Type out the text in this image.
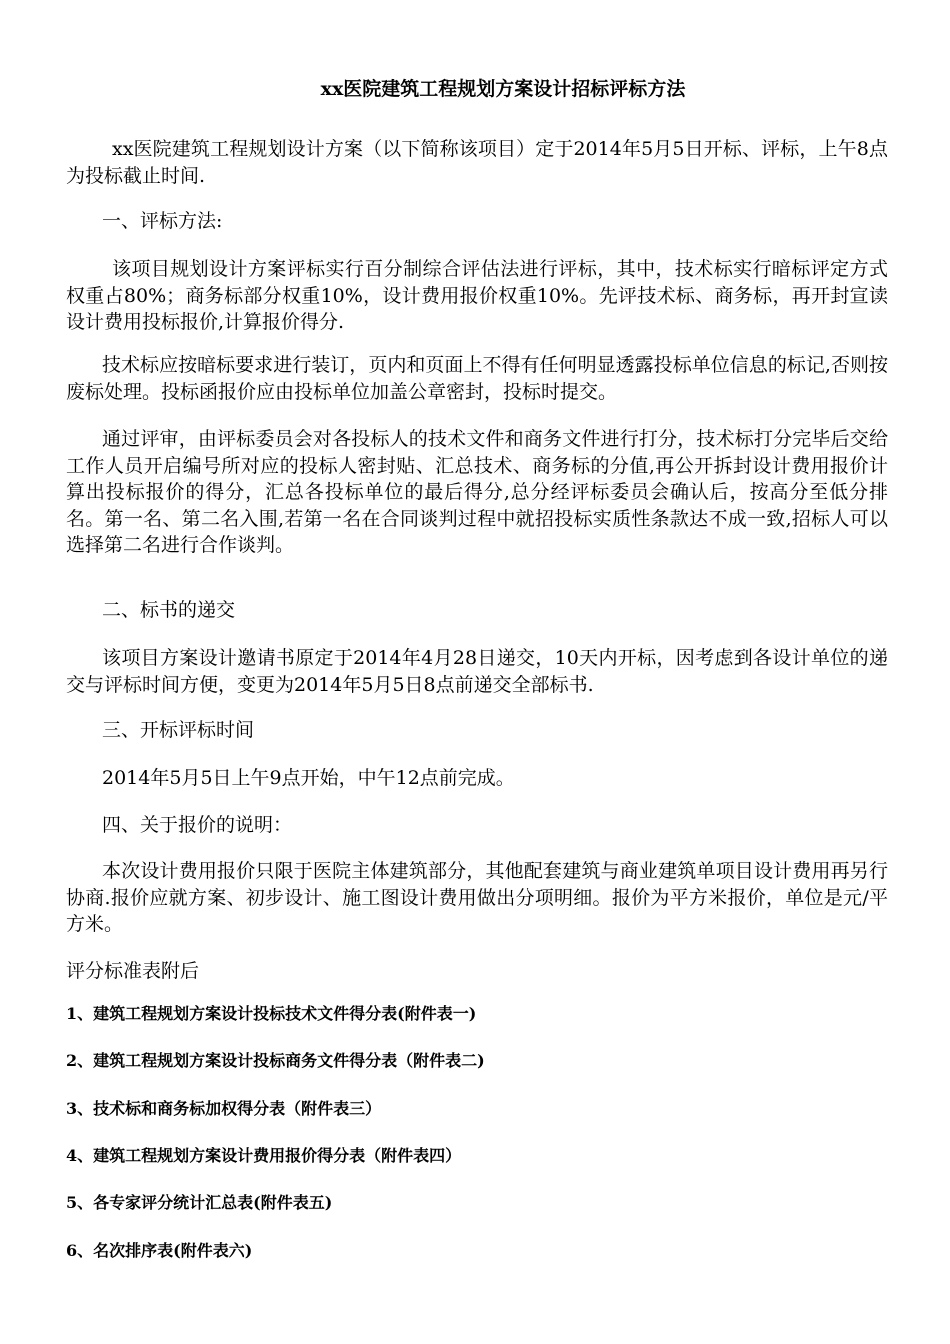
xx医院建筑工程规划方案设计招标评标方法
xx医院建筑工程规划设计方案（以下简称该项目）定于2014年5月5日开标、评标，上午8点为投标截止时间.
一、评标方法:
该项目规划设计方案评标实行百分制综合评估法进行评标，其中，技术标实行暗标评定方式权重占80%；商务标部分权重10%，设计费用报价权重10%。先评技术标、商务标，再开封宣读设计费用投标报价,计算报价得分.
技术标应按暗标要求进行装订，页内和页面上不得有任何明显透露投标单位信息的标记,否则按废标处理。投标函报价应由投标单位加盖公章密封，投标时提交。
通过评审，由评标委员会对各投标人的技术文件和商务文件进行打分，技术标打分完毕后交给工作人员开启编号所对应的投标人密封贴、汇总技术、商务标的分值,再公开拆封设计费用报价计算出投标报价的得分，汇总各投标单位的最后得分,总分经评标委员会确认后，按高分至低分排名。第一名、第二名入围,若第一名在合同谈判过程中就招投标实质性条款达不成一致,招标人可以选择第二名进行合作谈判。
二、标书的递交
该项目方案设计邀请书原定于2014年4月28日递交，10天内开标，因考虑到各设计单位的递交与评标时间方便，变更为2014年5月5日8点前递交全部标书.
三、开标评标时间
2014年5月5日上午9点开始，中午12点前完成。
四、关于报价的说明：
本次设计费用报价只限于医院主体建筑部分，其他配套建筑与商业建筑单项目设计费用再另行协商.报价应就方案、初步设计、施工图设计费用做出分项明细。报价为平方米报价，单位是元/平方米。
评分标准表附后
1、建筑工程规划方案设计投标技术文件得分表(附件表一)
2、建筑工程规划方案设计投标商务文件得分表（附件表二)
3、技术标和商务标加权得分表（附件表三）
4、建筑工程规划方案设计费用报价得分表（附件表四）
5、各专家评分统计汇总表(附件表五)
6、名次排序表(附件表六)
